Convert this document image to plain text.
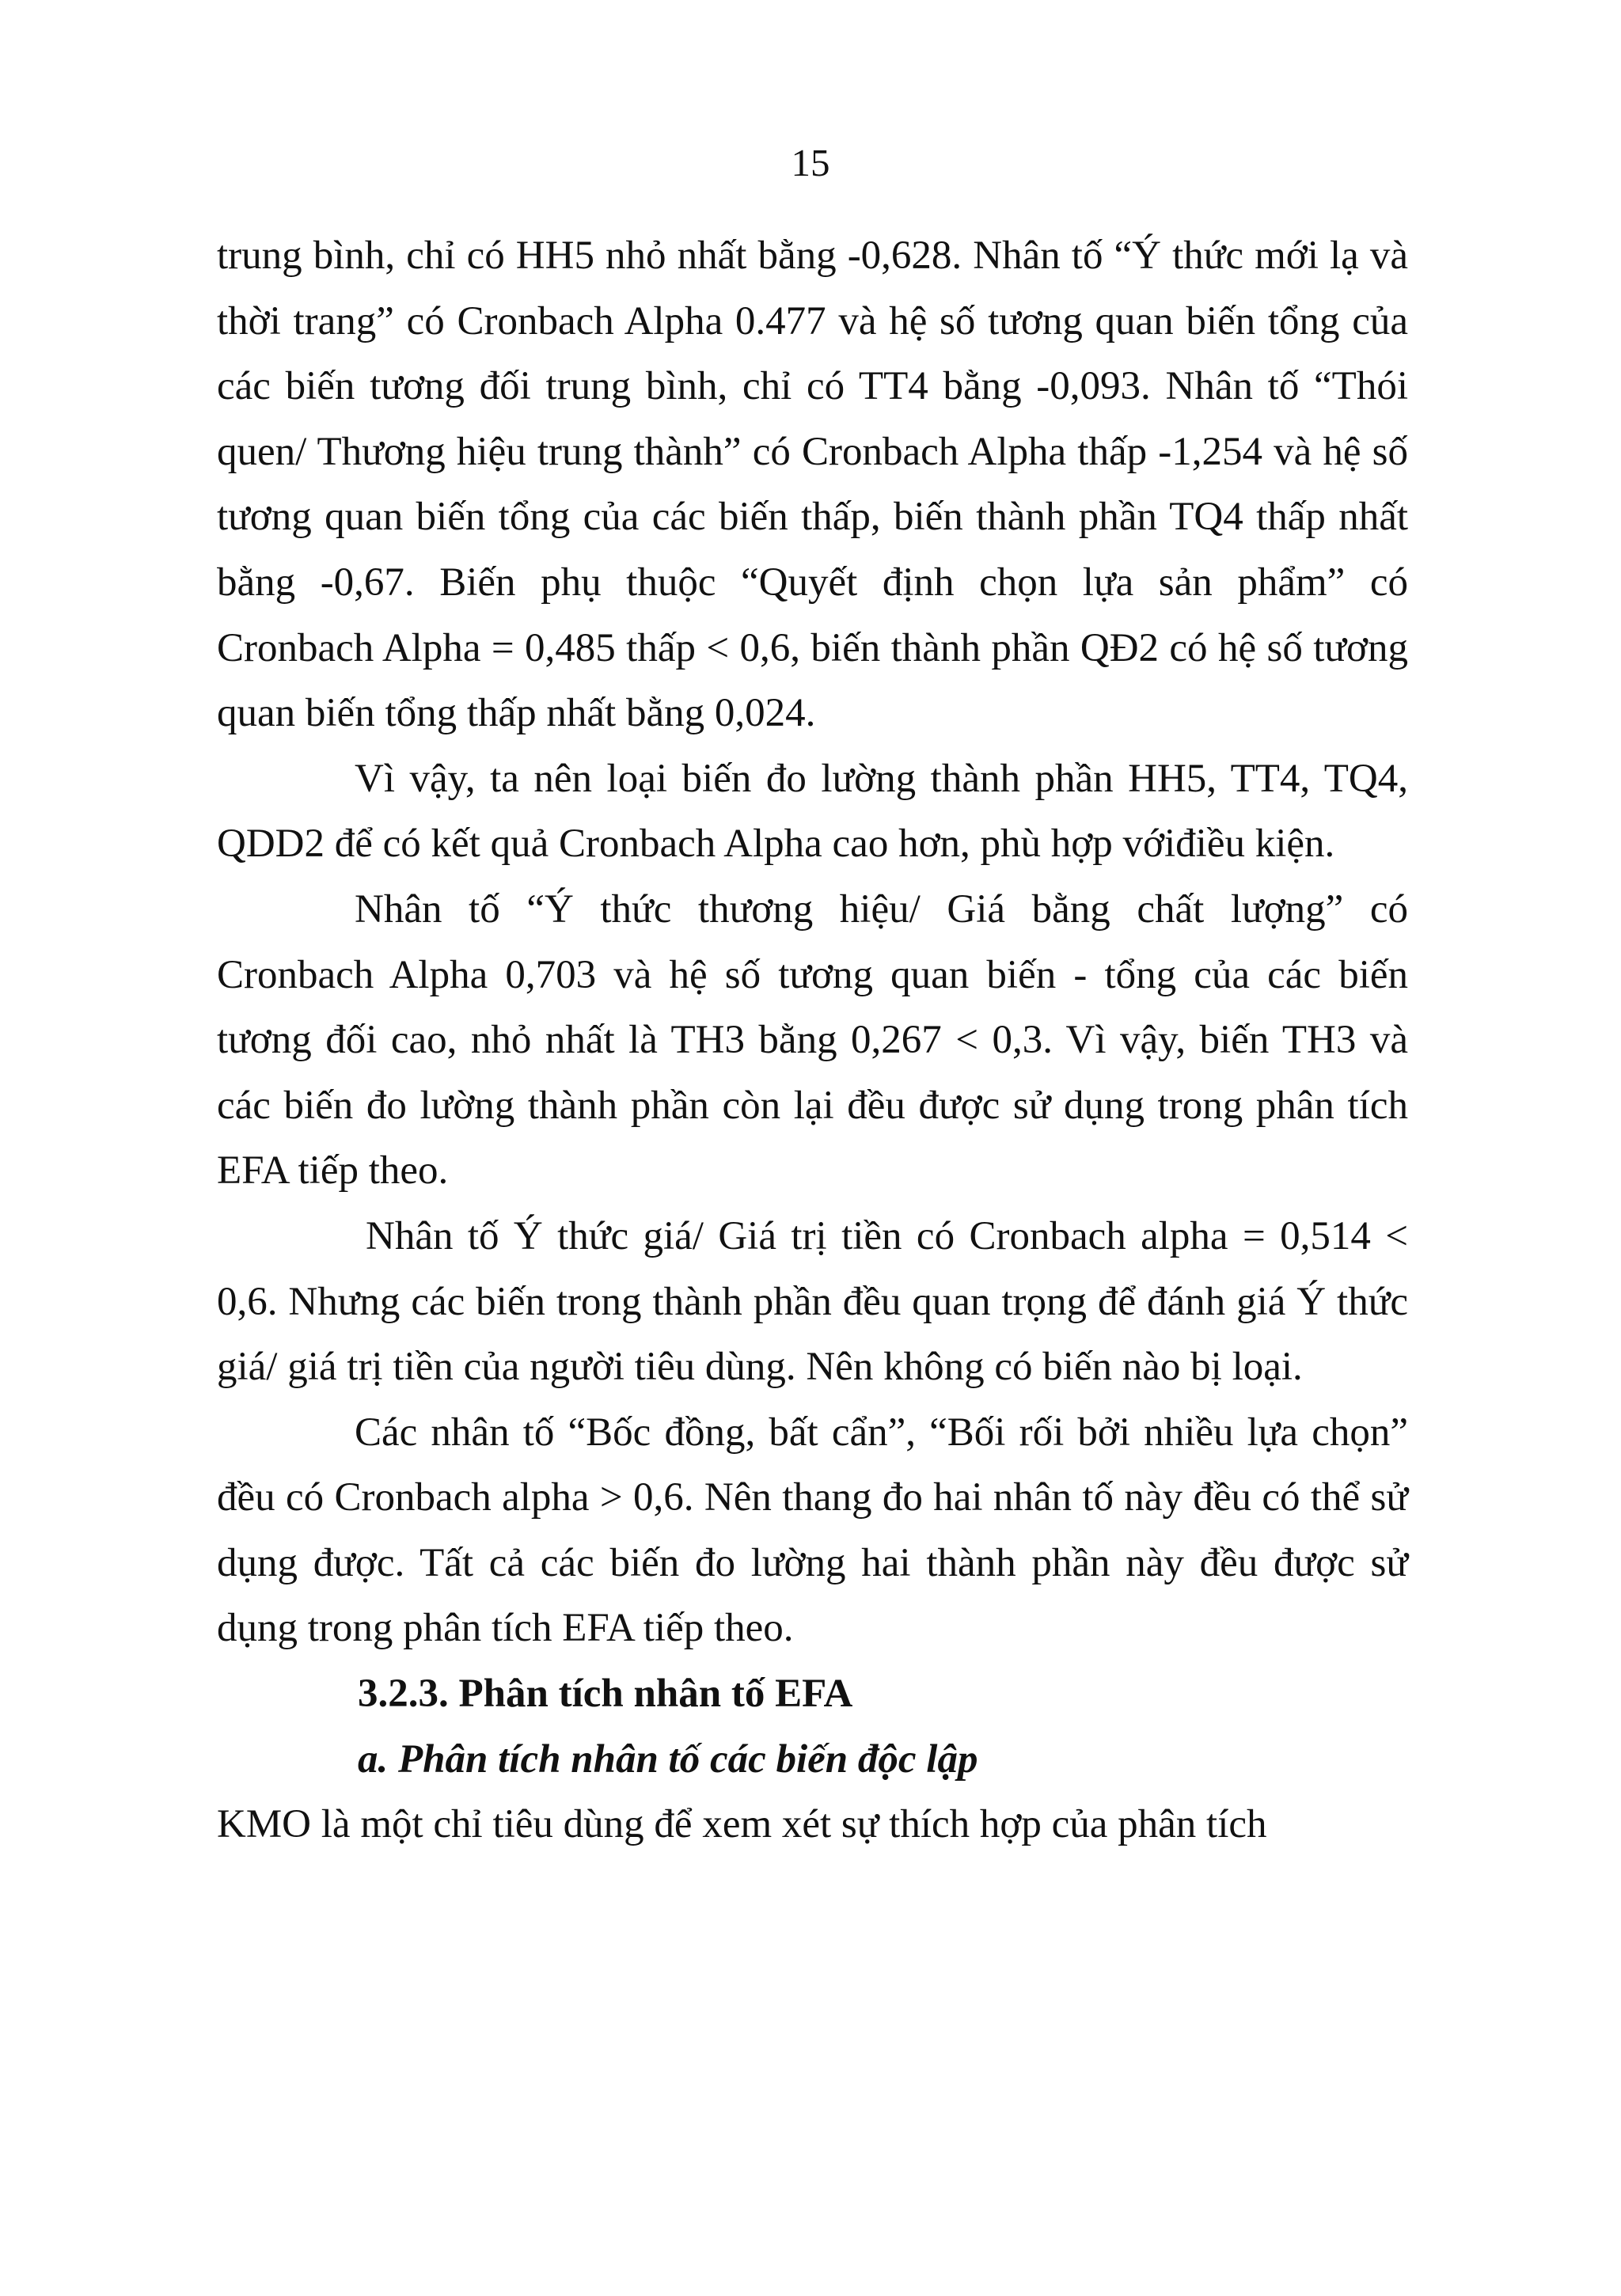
15

trung bình, chỉ có HH5 nhỏ nhất bằng -0,628. Nhân tố “Ý thức mới lạ và thời trang” có Cronbach Alpha 0.477 và hệ số tương quan biến tổng của các biến tương đối trung bình, chỉ có TT4 bằng -0,093. Nhân tố “Thói quen/ Thương hiệu trung thành” có Cronbach Alpha thấp -1,254 và hệ số tương quan biến tổng của các biến thấp, biến thành phần TQ4 thấp nhất bằng -0,67. Biến phụ thuộc “Quyết định chọn lựa sản phẩm” có Cronbach Alpha = 0,485 thấp < 0,6, biến thành phần QĐ2 có hệ số tương quan biến tổng thấp nhất bằng 0,024.

Vì vậy, ta nên loại biến đo lường thành phần HH5, TT4, TQ4, QDD2 để có kết quả Cronbach Alpha cao hơn, phù hợp vớiđiều kiện.

Nhân tố “Ý thức thương hiệu/ Giá bằng chất lượng” có Cronbach Alpha 0,703 và hệ số tương quan biến - tổng của các biến tương đối cao, nhỏ nhất là TH3 bằng 0,267 < 0,3. Vì vậy, biến TH3 và các biến đo lường thành phần còn lại đều được sử dụng trong phân tích EFA tiếp theo.

Nhân tố Ý thức giá/ Giá trị tiền có Cronbach alpha = 0,514 < 0,6. Nhưng các biến trong thành phần đều quan trọng để đánh giá Ý thức giá/ giá trị tiền của người tiêu dùng. Nên không có biến nào bị loại.

Các nhân tố “Bốc đồng, bất cẩn”, “Bối rối bởi nhiều lựa chọn” đều có Cronbach alpha > 0,6. Nên thang đo hai nhân tố này đều có thể sử dụng được. Tất cả các biến đo lường hai thành phần này đều được sử dụng trong phân tích EFA tiếp theo.

3.2.3. Phân tích nhân tố EFA

a. Phân tích nhân tố các biến độc lập

KMO là một chỉ tiêu dùng để xem xét sự thích hợp của phân tích
